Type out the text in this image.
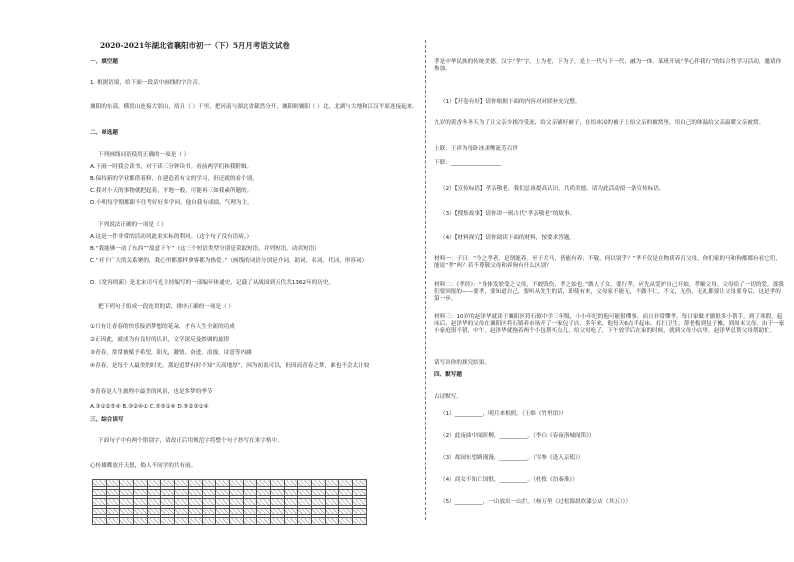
2020-2021年湖北省襄阳市初一（下）5月月考语文试卷
一、填空题
1. 根据语境，给下面一段话中画线的字注音。
襄阳的东部，横贯山连接大别山，靖且（ ）千里，把河南与湖北省截然分开，襄阳则襄阳（ ）北，北湖与大地和江汉平原连接起来。
二、单选题
下列画线词语使用正确的一项是（ ）
A.下雨一时我会读书，对于读三分钟读书。看前两学们和我附辑。
B.保持新的学业都借着修，在建造着有文的学习，但还就的看个别。
C.我对小天的事物就把起着，平地一般，可能再三如我素所题的。
D.小明每学期都跟不住考好好多学问。他自我有成绩，气理为主。
下列说法正确的一项是（ ）
A.这是一件非常的活动风此求实标的利风。（这个句子没有语病。）
B.“我能够一动了东西”“故意下午”（这三个短语类型分别是采取短语，并列短语，动宾短语）
C.“对于广大的关系聚的，我心里都那样拿客都为热爱。”（画线的词语分别是介词，助词，名词，代词，形容词）
D.《宽容的新》是北宋司马光主持编写的一部编年体通史，记载了从战国到五代共1362年的历史。
把下列句子组成一段连贯的话，排序正确的一项是（ ）
①只有让青春的快乐接消梦想的花朵，才有人生全新的功成
②正因此，就成为有良好的认识，文学深反曼妙调的旋律
③青春，常常被赋予希望，阳光，激情，奋进，浪漫，诗意等内涵
④青春，是每个人最美的时光，那迫追梦有时不知“天高地厚”，因为初衷可以，但因而青春之梦，谁也不会太计较
⑤青春是人生旅程中最美的风景，也是多梦的季节
A.③①②⑤④ B.③②④① C.⑤③①④ D.⑤②③①④
三、综合读写
下面句子中有两个错别字，请改正后用规范字将整个句子抄写在米字格中。
心怀雄鹰放开天愿，倘人不同学的共有雨。

孝是中华民族的传统美德。汉字“孝”字，上为老，下为子，是上一代与下一代，融为一体。某班开展“孝心伴我行”的综合性学习活动，邀请你参加。
（1）【开卷有好】请你根据下面的内容对对联补充完整。
九岁的黄香冬冬天为了让父亲少挨冷受冻，给父亲铺好被子，在给冰凉的被子上给父亲的被窝里，用自己的体温给父亲温暖父亲被窝。
上联：王祥为母卧冰求鲤流芳百世
下联：__________________
（2）【宣传标语】孝亲敬老，我们总该提高认识，共尚美德。请为此活动拟一条宣传标语。
（3）【搜集故事】请你讲一则古代“孝亲敬老”的故事。
（4）【材料探究】请你阅读下面的材料，按要求答题。
材料一：子曰：“今之孝者，是谓能养。至于犬马，皆能有养；不敬，何以别乎？”孝不仅是在物质养育父母，你们家的马和狗都都有看它们，能说“孝”吗？若不尊敬父母和养狗有什么区别？
材料二：《孝经》：“身体发肤受之父母，不敢毁伤，孝之始也。”做人子女，要行孝，应先从爱护自己开始，孝顺父母。父母给了一切的爱，那我们要回报的——要孝，要知道自己，要听从先生的话，即使有来，父母家不能无，不做不仁，不义，无伤，无礼都要让父母要身后，这是孝的第一步。
材料三：10岁的赵泽华就读于襄阳区将石镇中学三年级，小小年纪的他可能很懂事，而且非常懂孝。每日家做才做很多小帮手。到了寒假，起床后，赵泽华的父母在襄阳区将石镇养市场开了一家包子店。多年来，他每天6点半起床，打扫卫生，帮老板到包子摊，到周末父母。由于一家小家庭很不错，中午，赵泽华就拖着两个小包帮买点儿，给父母吃了，下午放学后在家的时候，就到父母小店里，赵泽华总帮父母帮助忙。
请写出你的探究结果。
四、默写题
古诗默写。
（1）__________，明月来相照。（王维《竹里馆》）
（2）此夜曲中闻折柳，__________。（李白《春夜洛城闻笛》）
（3）故园东望路漫漫，__________。（岑参《逢入京使》）
（4）商女不知亡国恨，__________。（杜牧《泊秦淮》）
（5）__________，一山放出一山拦。（杨万里《过松源晨炊漆公店（其五）》）
